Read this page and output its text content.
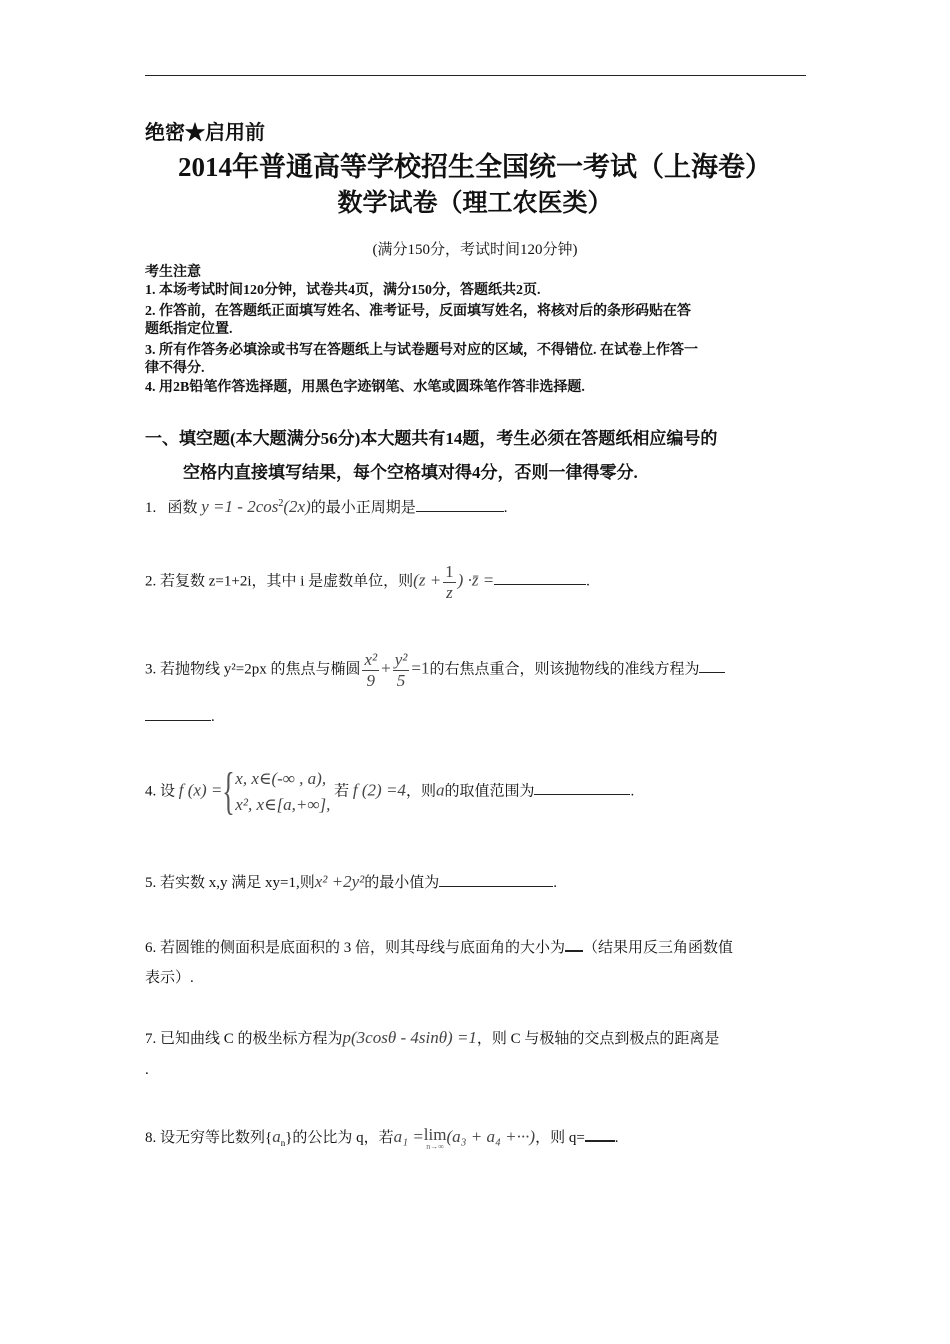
绝密★启用前
2014年普通高等学校招生全国统一考试（上海卷）
数学试卷（理工农医类）
(满分150分，考试时间120分钟)
考生注意
1. 本场考试时间120分钟，试卷共4页，满分150分，答题纸共2页.
2. 作答前，在答题纸正面填写姓名、准考证号，反面填写姓名，将核对后的条形码贴在答
题纸指定位置.
3. 所有作答务必填涂或书写在答题纸上与试卷题号对应的区域，不得错位. 在试卷上作答一
律不得分.
4. 用2B铅笔作答选择题，用黑色字迹钢笔、水笔或圆珠笔作答非选择题.
一、填空题(本大题满分56分)本大题共有14题，考生必须在答题纸相应编号的
空格内直接填写结果，每个空格填对得4分，否则一律得零分.
1. 函数 $y =1 - 2\cos^2(2x)$的最小正周期是	.
2. 若复数 z=1+2i，其中 i 是虚数单位，则($z + \frac{1}{z}$ ) ·z̄ =	.
3. 若抛物线 y²=2px 的焦点与椭圆 $\frac{\text{x²}}{9} + \frac{\text{y²}}{5} =1$的右焦点重合，则该抛物线的准线方程为
.
4. 设 f (x) ={ x, x∈(-∞ , a),
x², x∈[a,+∞],
若 f (2) =4，则a的取值范围为	.
5. 若实数 x,y 满足 xy=1,则x² +2y²的最小值为	.
6. 若圆锥的侧面积是底面积的 3 倍，则其母线与底面角的大小为 （结果用反三角函数值
表示）.
7. 已知曲线 C 的极坐标方程为p(3cosθ - 4sinθ) =1，则 C 与极轴的交点到极点的距离是
.
8. 设无穷等比数列$\{a_n\}$的公比为 q，若a₁ =lim
n→∞
(a₃ + a₄ +···)，则 q= .
